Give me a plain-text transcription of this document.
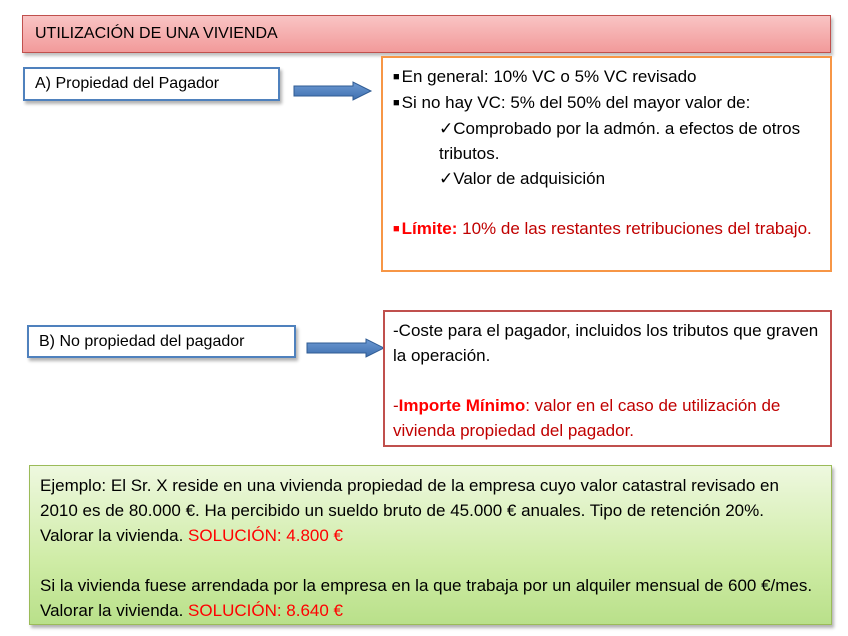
UTILIZACIÓN DE UNA VIVIENDA
A) Propiedad del Pagador	■ En general: 10% VC o 5% VC revisado
■ Si no hay VC: 5% del 50% del mayor valor de:
✓Comprobado por la admón. a efectos de otros tributos.
✓Valor de adquisición
■ Límite: 10% de las restantes retribuciones del trabajo.
B) No propiedad del pagador
-Coste para el pagador, incluidos los tributos que graven la operación.
-Importe Mínimo: valor en el caso de utilización de vivienda propiedad del pagador.

Ejemplo: El Sr. X reside en una vivienda propiedad de la empresa cuyo valor catastral revisado en 2010 es de 80.000 €. Ha percibido un sueldo bruto de 45.000 € anuales. Tipo de retención 20%. Valorar la vivienda. SOLUCIÓN: 4.800 €

Si la vivienda fuese arrendada por la empresa en la que trabaja por un alquiler mensual de 600 €/mes. Valorar la vivienda. SOLUCIÓN: 8.640 €
